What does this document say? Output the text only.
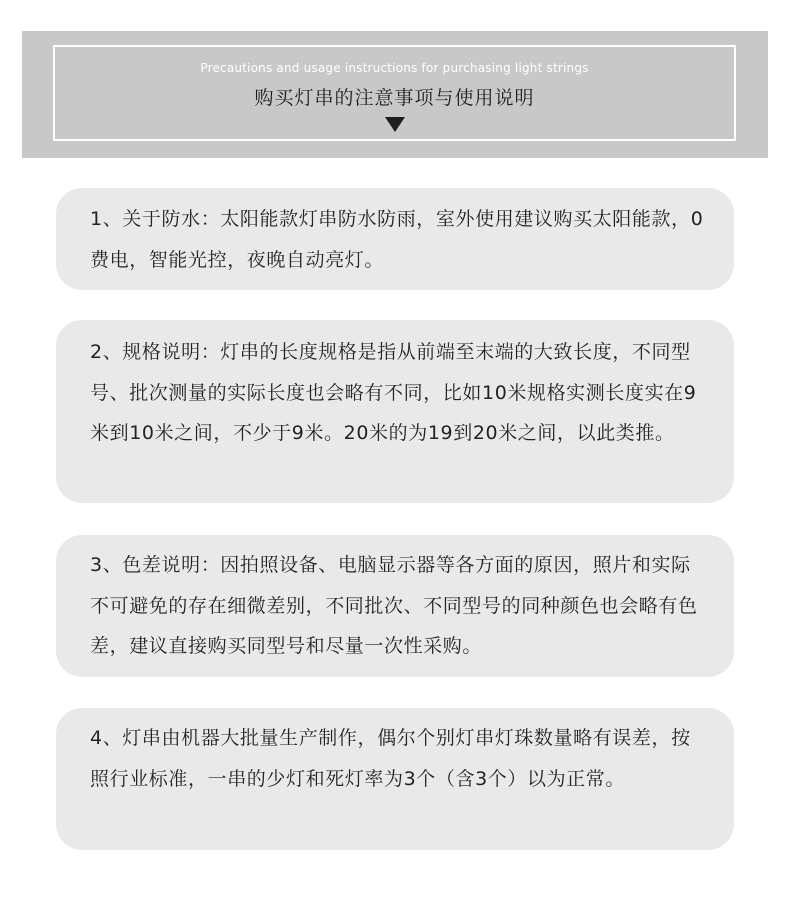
Precautions and usage instructions for purchasing light strings
购买灯串的注意事项与使用说明

1、关于防水：太阳能款灯串防水防雨，室外使用建议购买太阳能款，0费电，智能光控，夜晚自动亮灯。

2、规格说明：灯串的长度规格是指从前端至末端的大致长度，不同型号、批次测量的实际长度也会略有不同，比如10米规格实测长度实在9米到10米之间，不少于9米。20米的为19到20米之间，以此类推。

3、色差说明：因拍照设备、电脑显示器等各方面的原因，照片和实际不可避免的存在细微差别，不同批次、不同型号的同种颜色也会略有色差，建议直接购买同型号和尽量一次性采购。

4、灯串由机器大批量生产制作，偶尔个别灯串灯珠数量略有误差，按照行业标准，一串的少灯和死灯率为3个（含3个）以为正常。
